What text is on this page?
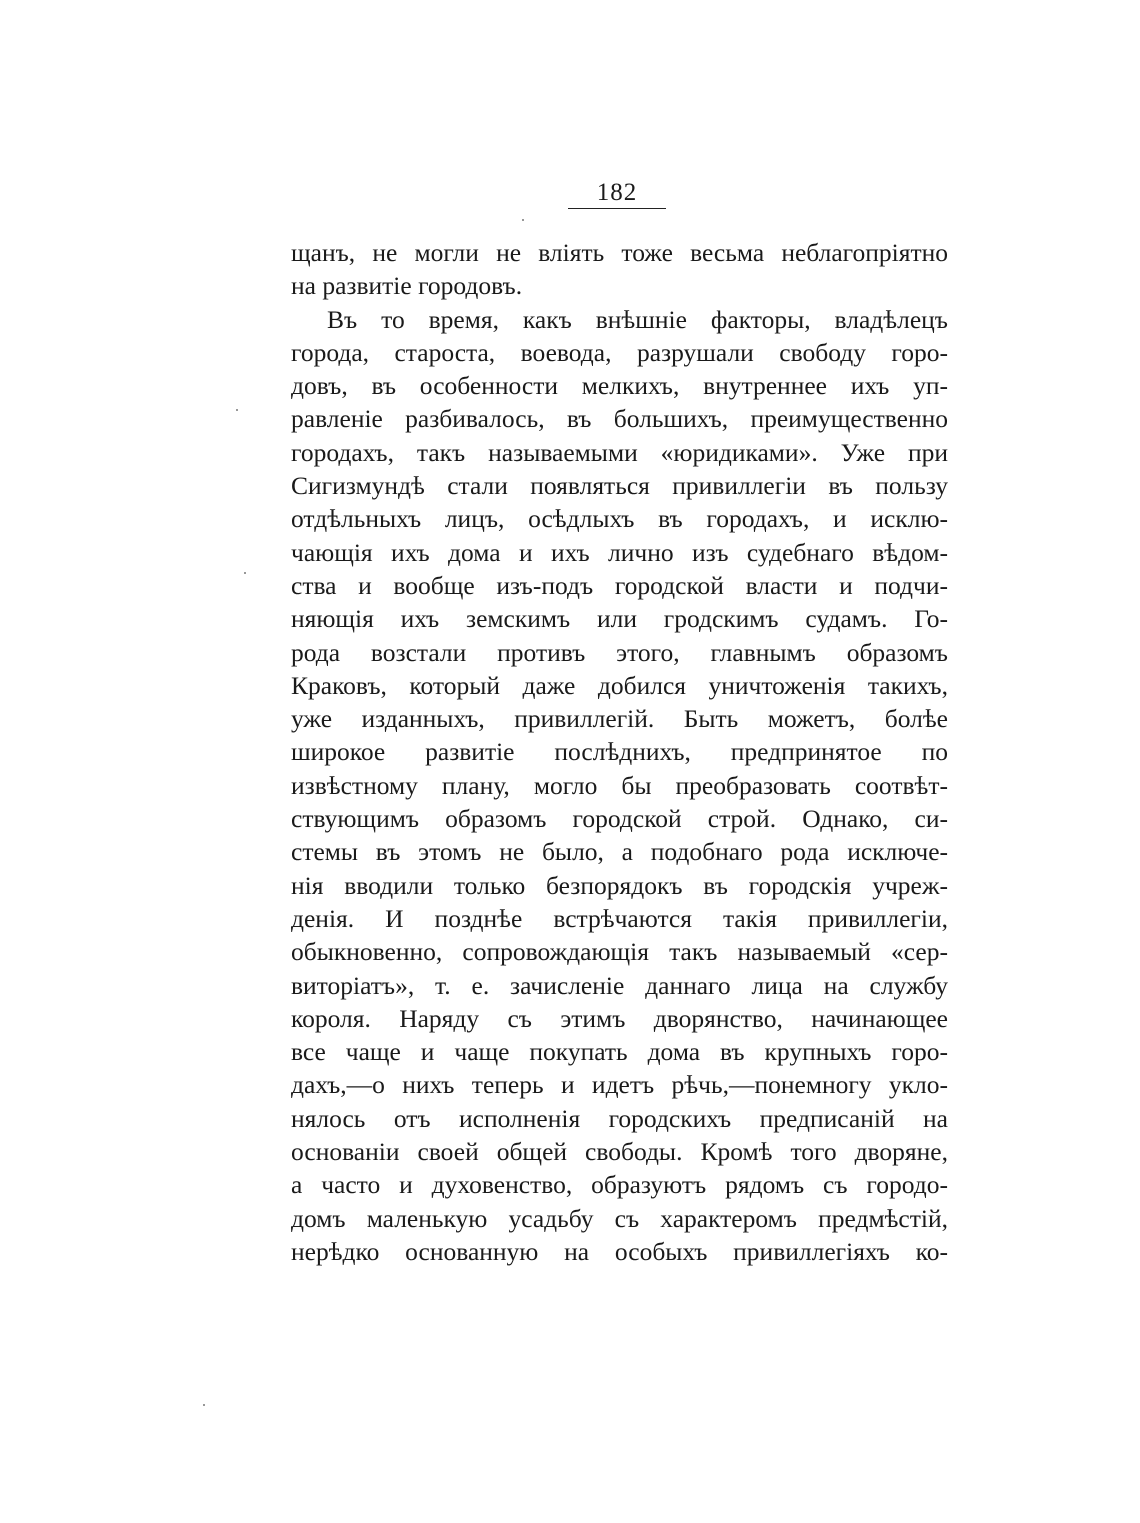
182
щанъ, не могли не влiять тоже весьма неблагопрiятно
на развитiе городовъ.
Въ то время, какъ внѣшнiе факторы, владѣлецъ
города, староста, воевода, разрушали свободу горо-
довъ, въ особенности мелкихъ, внутреннее ихъ уп-
равленiе разбивалось, въ большихъ, преимущественно
городахъ, такъ называемыми «юридиками». Уже при
Сигизмундѣ стали появляться привиллегiи въ пользу
отдѣльныхъ лицъ, осѣдлыхъ въ городахъ, и исклю-
чающiя ихъ дома и ихъ лично изъ судебнаго вѣдом-
ства и вообще изъ-подъ городской власти и подчи-
няющiя ихъ земскимъ или гродскимъ судамъ. Го-
рода возстали противъ этого, главнымъ образомъ
Краковъ, который даже добился уничтоженiя такихъ,
уже изданныхъ, привиллегiй. Быть можетъ, болѣе
широкое развитiе послѣднихъ, предпринятое по
извѣстному плану, могло бы преобразовать соотвѣт-
ствующимъ образомъ городской строй. Однако, си-
стемы въ этомъ не было, а подобнаго рода исключе-
нiя вводили только безпорядокъ въ городскiя учреж-
денiя. И позднѣе встрѣчаются такiя привиллегiи,
обыкновенно, сопровождающiя такъ называемый «сер-
виторiатъ», т. е. зачисленiе даннаго лица на службу
короля. Наряду съ этимъ дворянство, начинающее
все чаще и чаще покупать дома въ крупныхъ горо-
дахъ,—о нихъ теперь и идетъ рѣчь,—понемногу укло-
нялось отъ исполненiя городскихъ предписанiй на
основанiи своей общей свободы. Кромѣ того дворяне,
а часто и духовенство, образуютъ рядомъ съ городо-
домъ маленькую усадьбу съ характеромъ предмѣстiй,
нерѣдко основанную на особыхъ привиллегiяхъ ко-
